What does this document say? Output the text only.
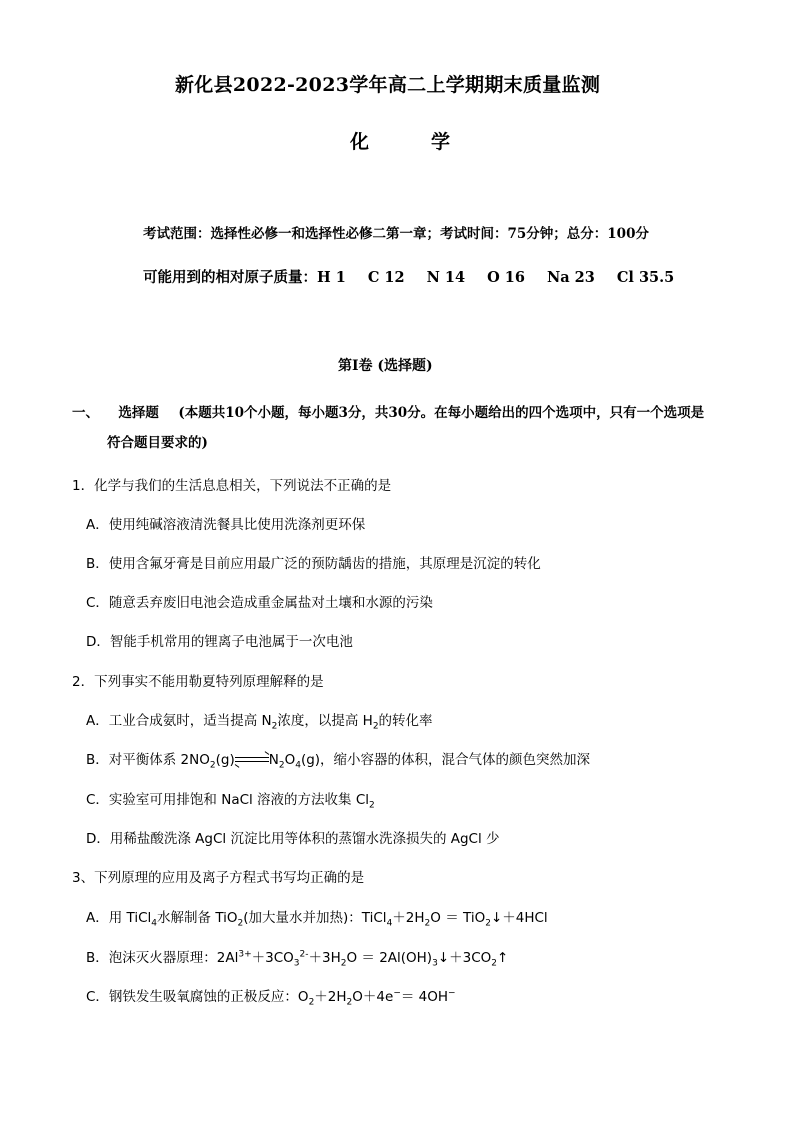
新化县2022-2023学年高二上学期期末质量监测
化	学
考试范围：选择性必修一和选择性必修二第一章；考试时间：75分钟；总分：100分
可能用到的相对原子质量：H 1 C 12 N 14 O 16 Na 23 Cl 35.5
第Ⅰ卷 (选择题)
一、 选择题 (本题共10个小题，每小题3分，共30分。在每小题给出的四个选项中，只有一个选项是
符合题目要求的)
1．化学与我们的生活息息相关，下列说法不正确的是
A．使用纯碱溶液清洗餐具比使用洗涤剂更环保
B．使用含氟牙膏是目前应用最广泛的预防龋齿的措施，其原理是沉淀的转化
C．随意丢弃废旧电池会造成重金属盐对土壤和水源的污染
D．智能手机常用的锂离子电池属于一次电池
2．下列事实不能用勒夏特列原理解释的是
A．工业合成氨时，适当提高 $N_2$浓度，以提高 $H_2$的转化率
B．对平衡体系 $2NO_2(g)$	$N_2O_4(g)$，缩小容器的体积，混合气体的颜色突然加深
C．实验室可用排饱和 NaCl 溶液的方法收集 $Cl_2$
D．用稀盐酸洗涤 AgCl 沉淀比用等体积的蒸馏水洗涤损失的 AgCl 少
3、下列原理的应用及离子方程式书写均正确的是
A．用 TiCl$_4$水解制备 TiO$_2$(加大量水并加热)：$TiCl_4+2H_2O$ ＝ TiO$_2$↓＋4HCl
B．泡沫灭火器原理：$2Al^{3+}+3CO_3^{2-}+3H_2O$ ＝ $2Al(OH)_3↓+3CO_2↑$
C．钢铁发生吸氧腐蚀的正极反应：$O_2+2H_2O+4e^-= 4OH^-$
